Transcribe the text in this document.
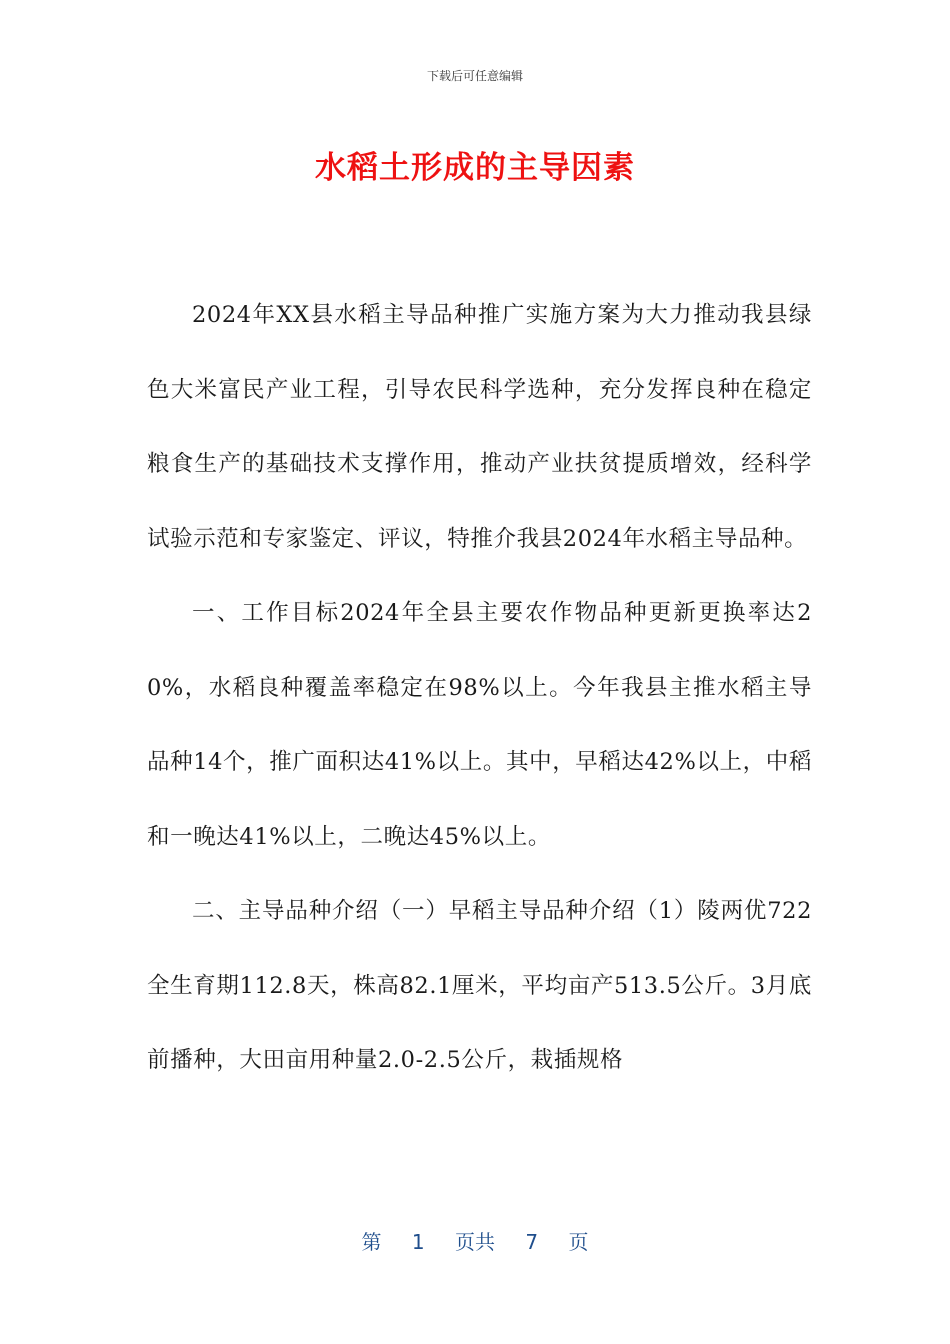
下载后可任意编辑
水稻土形成的主导因素

2024年XX县水稻主导品种推广实施方案为大力推动我县绿色大米富民产业工程，引导农民科学选种，充分发挥良种在稳定粮食生产的基础技术支撑作用，推动产业扶贫提质增效，经科学试验示范和专家鉴定、评议，特推介我县2024年水稻主导品种。

一、工作目标2024年全县主要农作物品种更新更换率达20%，水稻良种覆盖率稳定在98%以上。今年我县主推水稻主导品种14个，推广面积达41%以上。其中，早稻达42%以上，中稻和一晚达41%以上，二晚达45%以上。

二、主导品种介绍（一）早稻主导品种介绍（1）陵两优722全生育期112.8天，株高82.1厘米，平均亩产513.5公斤。3月底前播种，大田亩用种量2.0-2.5公斤，栽插规格

第 1 页共 7 页
